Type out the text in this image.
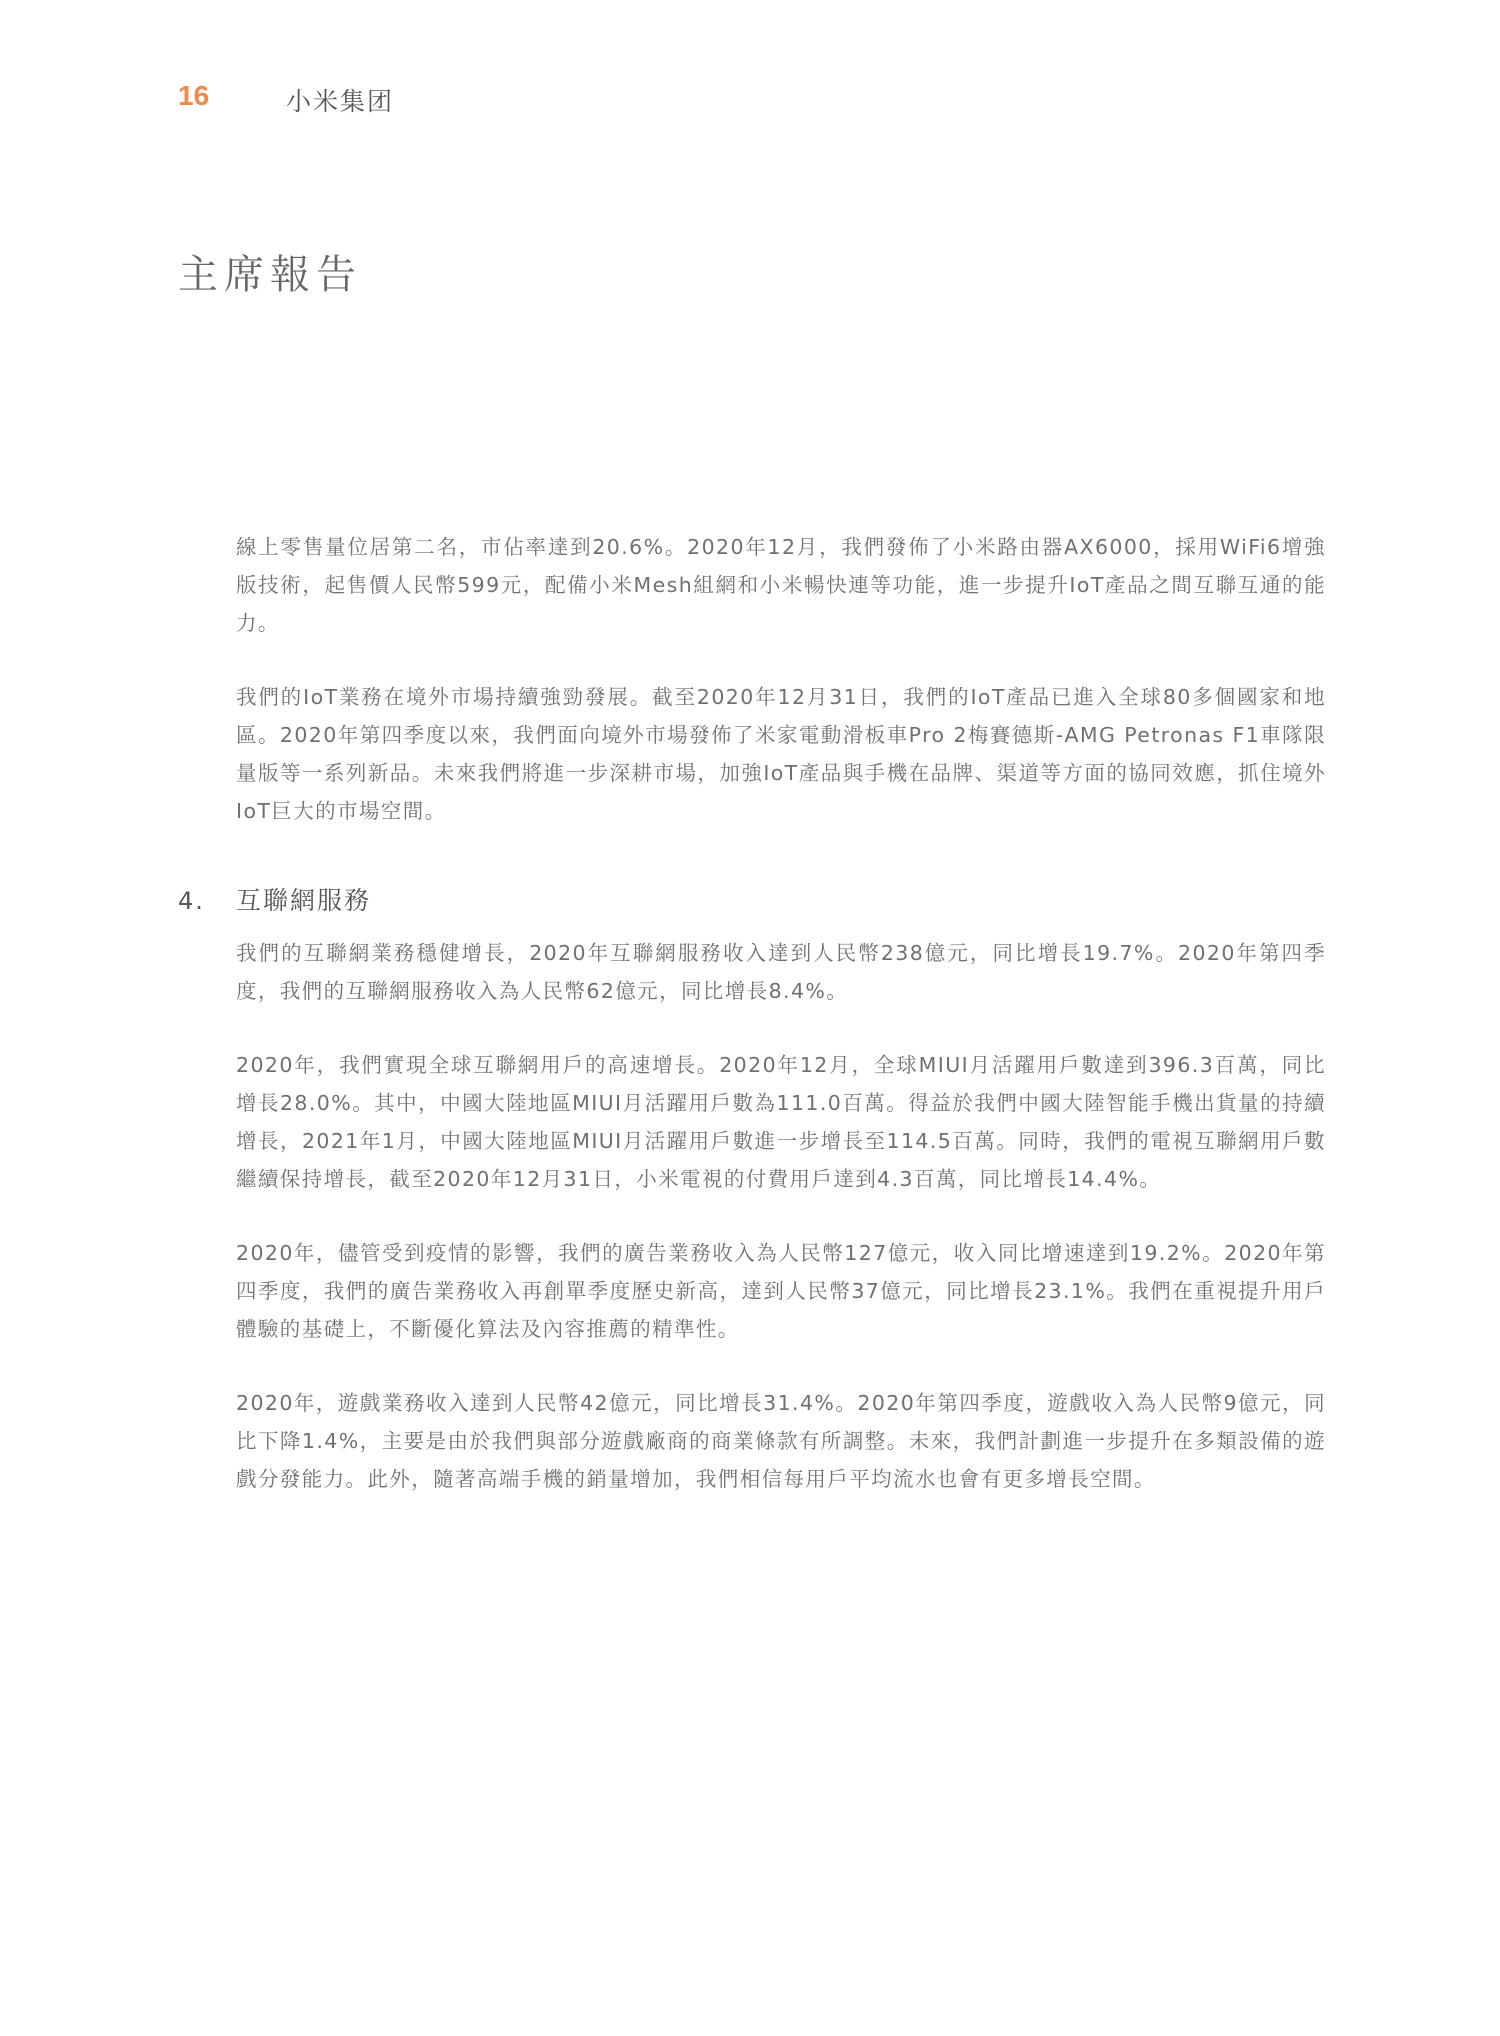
16	小米集团
主席報告

線上零售量位居第二名，市佔率達到20.6%。2020年12月，我們發佈了小米路由器AX6000，採用WiFi6增強版技術，起售價人民幣599元，配備小米Mesh組網和小米暢快連等功能，進一步提升IoT產品之間互聯互通的能力。

我們的IoT業務在境外市場持續強勁發展。截至2020年12月31日，我們的IoT產品已進入全球80多個國家和地區。2020年第四季度以來，我們面向境外市場發佈了米家電動滑板車Pro 2梅賽德斯-AMG Petronas F1車隊限量版等一系列新品。未來我們將進一步深耕市場，加強IoT產品與手機在品牌、渠道等方面的協同效應，抓住境外IoT巨大的市場空間。

4. 互聯網服務

我們的互聯網業務穩健增長，2020年互聯網服務收入達到人民幣238億元，同比增長19.7%。2020年第四季度，我們的互聯網服務收入為人民幣62億元，同比增長8.4%。

2020年，我們實現全球互聯網用戶的高速增長。2020年12月，全球MIUI月活躍用戶數達到396.3百萬，同比增長28.0%。其中，中國大陸地區MIUI月活躍用戶數為111.0百萬。得益於我們中國大陸智能手機出貨量的持續增長，2021年1月，中國大陸地區MIUI月活躍用戶數進一步增長至114.5百萬。同時，我們的電視互聯網用戶數繼續保持增長，截至2020年12月31日，小米電視的付費用戶達到4.3百萬，同比增長14.4%。

2020年，儘管受到疫情的影響，我們的廣告業務收入為人民幣127億元，收入同比增速達到19.2%。2020年第四季度，我們的廣告業務收入再創單季度歷史新高，達到人民幣37億元，同比增長23.1%。我們在重視提升用戶體驗的基礎上，不斷優化算法及內容推薦的精準性。

2020年，遊戲業務收入達到人民幣42億元，同比增長31.4%。2020年第四季度，遊戲收入為人民幣9億元，同比下降1.4%，主要是由於我們與部分遊戲廠商的商業條款有所調整。未來，我們計劃進一步提升在多類設備的遊戲分發能力。此外，隨著高端手機的銷量增加，我們相信每用戶平均流水也會有更多增長空間。
